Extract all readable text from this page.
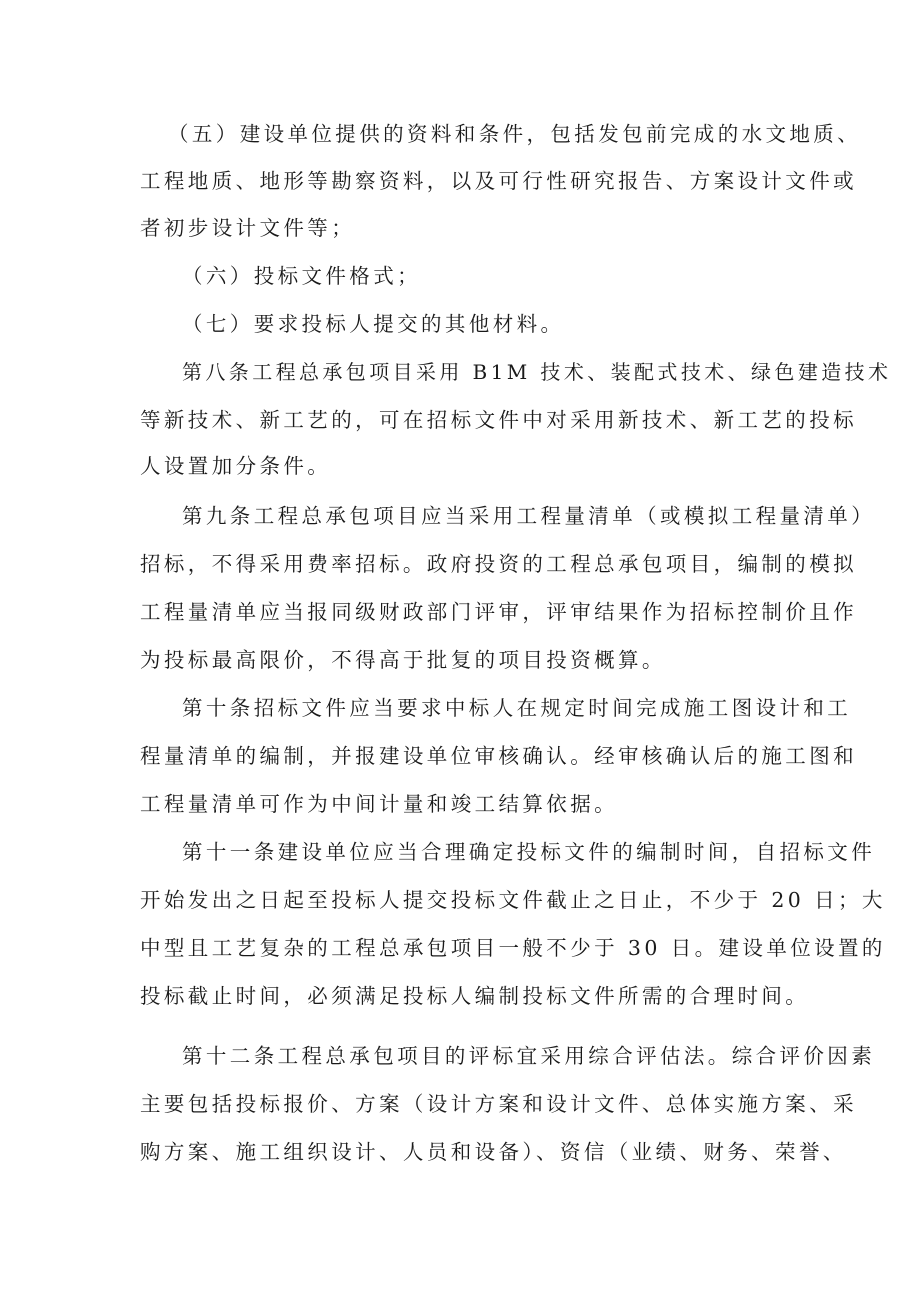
（五）建设单位提供的资料和条件，包括发包前完成的水文地质、
工程地质、地形等勘察资料，以及可行性研究报告、方案设计文件或
者初步设计文件等；
（六）投标文件格式；
（七）要求投标人提交的其他材料。
第八条工程总承包项目采用 B1M 技术、装配式技术、绿色建造技术
等新技术、新工艺的，可在招标文件中对采用新技术、新工艺的投标
人设置加分条件。
第九条工程总承包项目应当采用工程量清单（或模拟工程量清单）
招标，不得采用费率招标。政府投资的工程总承包项目，编制的模拟
工程量清单应当报同级财政部门评审，评审结果作为招标控制价且作
为投标最高限价，不得高于批复的项目投资概算。
第十条招标文件应当要求中标人在规定时间完成施工图设计和工
程量清单的编制，并报建设单位审核确认。经审核确认后的施工图和
工程量清单可作为中间计量和竣工结算依据。
第十一条建设单位应当合理确定投标文件的编制时间，自招标文件
开始发出之日起至投标人提交投标文件截止之日止，不少于 20 日；大
中型且工艺复杂的工程总承包项目一般不少于 30 日。建设单位设置的
投标截止时间，必须满足投标人编制投标文件所需的合理时间。
第十二条工程总承包项目的评标宜采用综合评估法。综合评价因素
主要包括投标报价、方案（设计方案和设计文件、总体实施方案、采
购方案、施工组织设计、人员和设备）、资信（业绩、财务、荣誉、
